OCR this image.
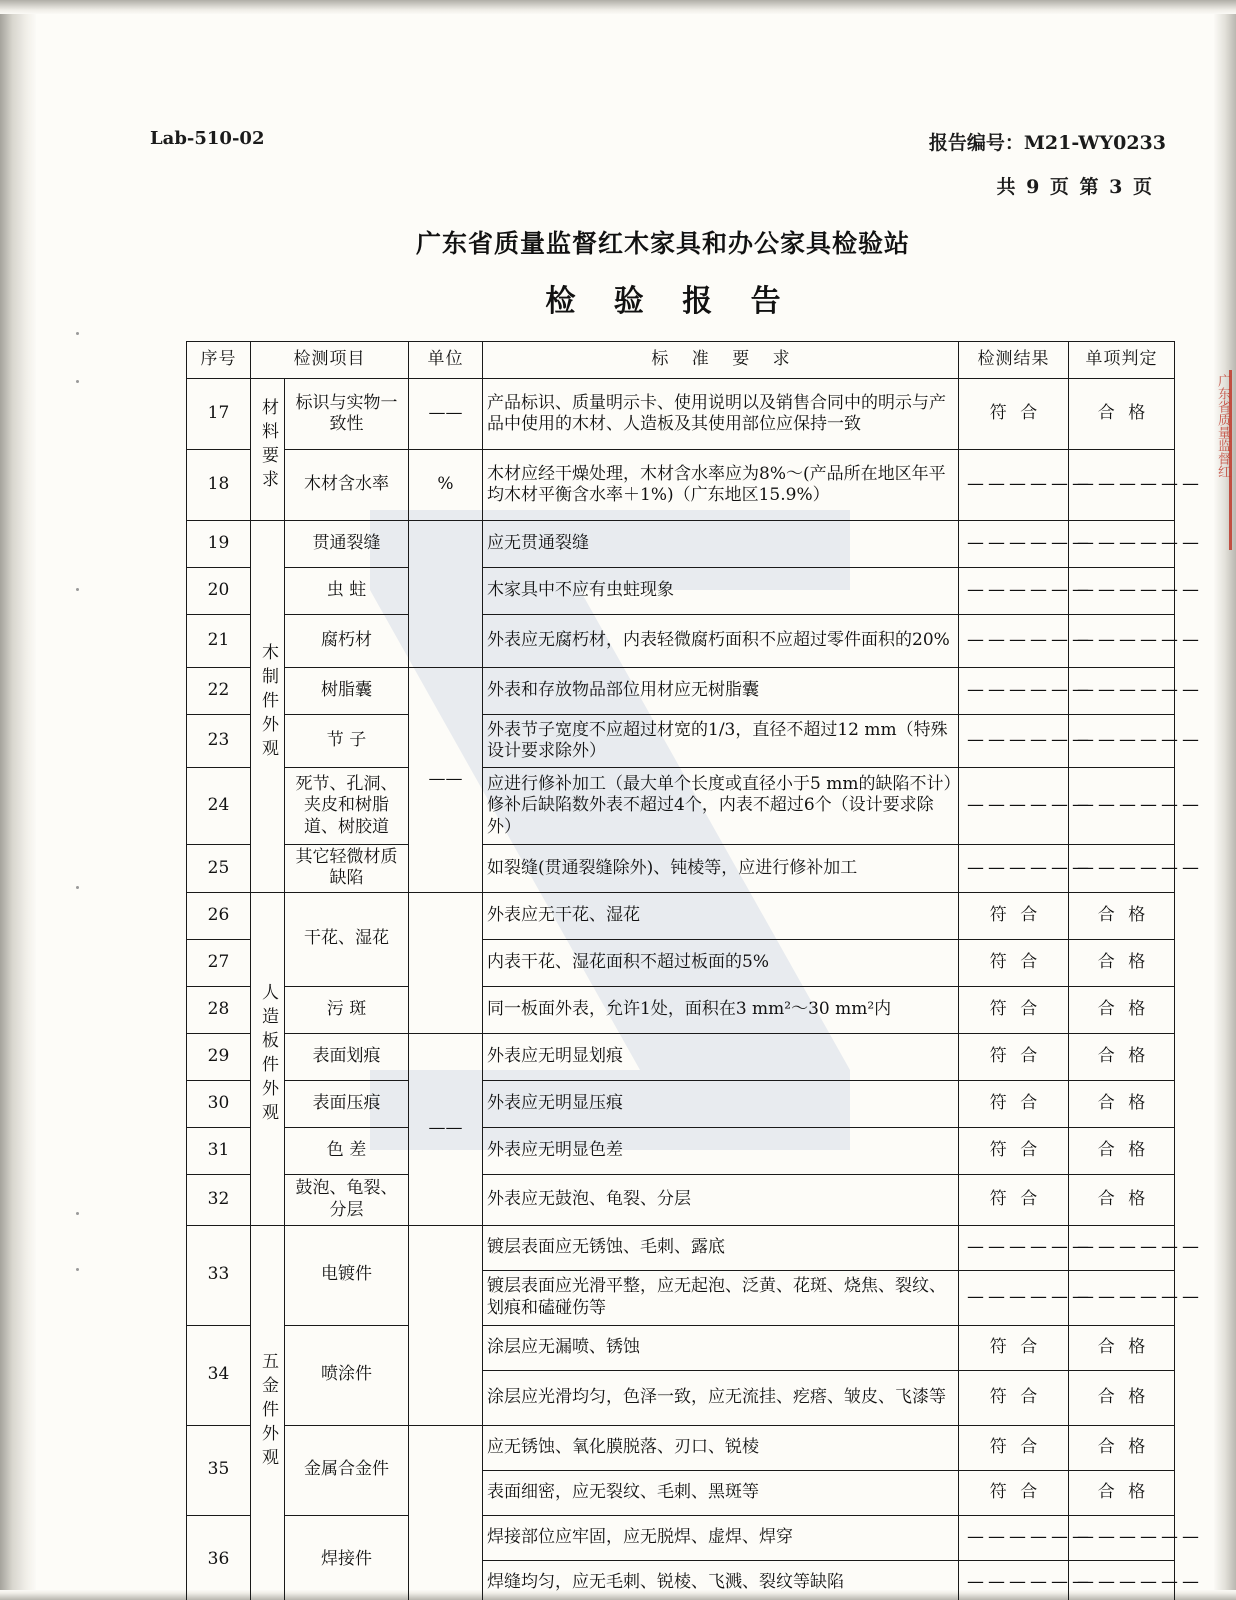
广东省质量监督红
Lab-510-02	报告编号：M21-WY0233
共 9 页 第 3 页
广东省质量监督红木家具和办公家具检验站
检 验 报 告
序号	检测项目		单位	标 准 要 求	检测结果	单项判定
17	材料要求	标识与实物一致性	——	产品标识、质量明示卡、使用说明以及销售合同中的明示与产品中使用的木材、人造板及其使用部位应保持一致	符 合	合 格
18		木材含水率	%	木材应经干燥处理，木材含水率应为8%～(产品所在地区年平均木材平衡含水率＋1%)（广东地区15.9%）	——————	——————
19	木制件外观	贯通裂缝		应无贯通裂缝	——————	——————
20		虫 蛀		木家具中不应有虫蛀现象	——————	——————
21		腐朽材		外表应无腐朽材，内表轻微腐朽面积不应超过零件面积的20%	——————	——————
22		树脂囊	——	外表和存放物品部位用材应无树脂囊	——————	——————
23		节 子		外表节子宽度不应超过材宽的1/3，直径不超过12 mm（特殊设计要求除外）	——————	——————
24		死节、孔洞、夹皮和树脂道、树胶道		应进行修补加工（最大单个长度或直径小于5 mm的缺陷不计）修补后缺陷数外表不超过4个，内表不超过6个（设计要求除外）	——————	——————
25		其它轻微材质缺陷		如裂缝(贯通裂缝除外)、钝棱等，应进行修补加工	——————	——————
26	人造板件外观	干花、湿花		外表应无干花、湿花	符 合	合 格
27				内表干花、湿花面积不超过板面的5%	符 合	合 格
28		污 斑		同一板面外表，允许1处，面积在3 mm²～30 mm²内	符 合	合 格
29		表面划痕	——	外表应无明显划痕	符 合	合 格
30		表面压痕		外表应无明显压痕	符 合	合 格
31		色 差		外表应无明显色差	符 合	合 格
32		鼓泡、龟裂、分层		外表应无鼓泡、龟裂、分层	符 合	合 格
33	五金件外观	电镀件		镀层表面应无锈蚀、毛刺、露底	——————	——————
				镀层表面应光滑平整，应无起泡、泛黄、花斑、烧焦、裂纹、划痕和磕碰伤等	——————	——————
34		喷涂件		涂层应无漏喷、锈蚀	符 合	合 格
				涂层应光滑均匀，色泽一致，应无流挂、疙瘩、皱皮、飞漆等	符 合	合 格
35		金属合金件		应无锈蚀、氧化膜脱落、刃口、锐棱	符 合	合 格
				表面细密，应无裂纹、毛刺、黑斑等	符 合	合 格
36		焊接件		焊接部位应牢固，应无脱焊、虚焊、焊穿	——————	——————
				焊缝均匀，应无毛刺、锐棱、飞溅、裂纹等缺陷	——————	——————
